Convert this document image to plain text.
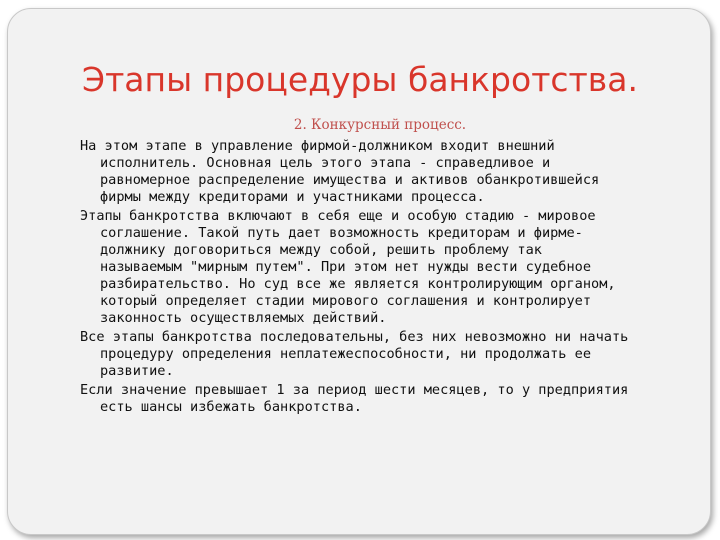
Этапы процедуры банкротства.
2. Конкурсный процесс.
На этом этапе в управление фирмой-должником входит внешний
исполнитель. Основная цель этого этапа - справедливое и
равномерное распределение имущества и активов обанкротившейся
фирмы между кредиторами и участниками процесса.
Этапы банкротства включают в себя еще и особую стадию - мировое
соглашение. Такой путь дает возможность кредиторам и фирме-
должнику договориться между собой, решить проблему так
называемым "мирным путем". При этом нет нужды вести судебное
разбирательство. Но суд все же является контролирующим органом,
который определяет стадии мирового соглашения и контролирует
законность осуществляемых действий.
Все этапы банкротства последовательны, без них невозможно ни начать
процедуру определения неплатежеспособности, ни продолжать ее
развитие.
Если значение превышает 1 за период шести месяцев, то у предприятия
есть шансы избежать банкротства.
